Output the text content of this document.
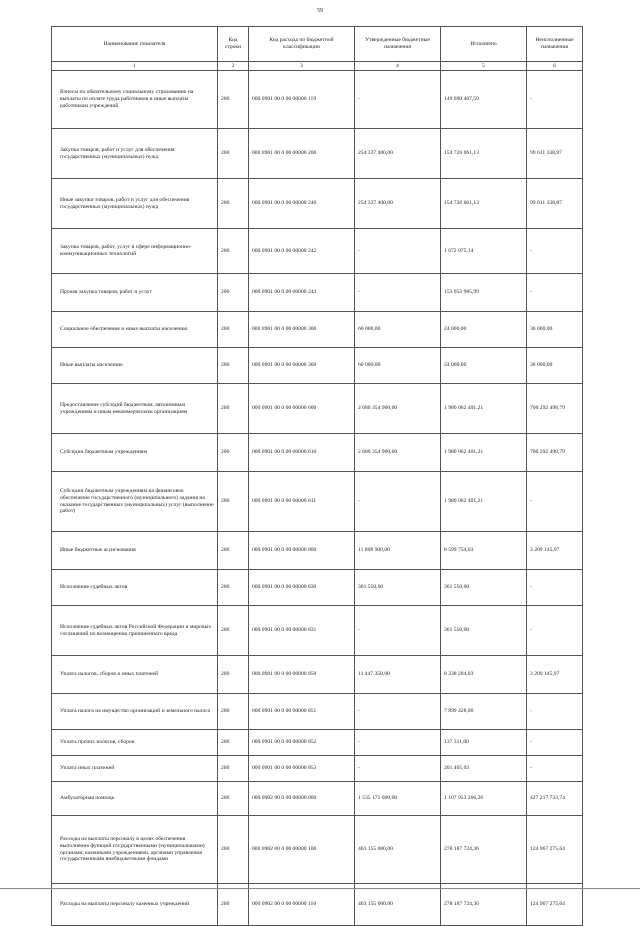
59
Наименование показателя	Код строки	Код расхода по бюджетной классификации	Утвержденные бюджетные назначения	Исполнено	Неисполненные назначения
1	2	3	4	5	6
Взносы по обязательному социальному страхованию на выплаты по оплате труда работников и иные выплаты работникам учреждений	200	000 0901 00 0 00 00000 119	-	149 690 407,59	-
Закупка товаров, работ и услуг для обеспечения государственных (муниципальных) нужд	200	000 0901 00 0 00 00000 200	254 337 400,00	154 726 061,13	99 611 338,87
Иные закупки товаров, работ и услуг для обеспечения государственных (муниципальных) нужд	200	000 0901 00 0 00 00000 240	254 337 400,00	154 726 061,13	99 611 338,87
Закупка товаров, работ, услуг в сфере информационно-коммуникационных технологий	200	000 0901 00 0 00 00000 242	-	1 672 075,14	-
Прочая закупка товаров, работ и услуг	200	000 0901 00 0 00 00000 244	-	153 053 985,99	-
Социальное обеспечение и иные выплаты населению	200	000 0901 00 0 00 00000 300	60 000,00	24 000,00	36 000,00
Иные выплаты населению	200	000 0901 00 0 00 00000 360	60 000,00	24 000,00	36 000,00
Предоставление субсидий бюджетным, автономным учреждениям и иным некоммерческим организациям	200	000 0901 00 0 00 00000 600	2 680 354 900,00	1 980 062 401,21	700 292 498,79
Субсидии бюджетным учреждениям	200	000 0901 00 0 00 00000 610	2 680 354 900,00	1 980 062 401,21	700 292 498,79
Субсидии бюджетным учреждениям на финансовое обеспечение государственного (муниципального) задания на оказание государственных (муниципальных) услуг (выполнение работ)	200	000 0901 00 0 00 00000 611	-	1 980 062 401,21	-
Иные бюджетные ассигнования	200	000 0901 00 0 00 00000 800	11 808 900,00	8 599 754,03	3 209 145,97
Исполнение судебных актов	200	000 0901 00 0 00 00000 830	361 550,00	361 550,00	-
Исполнение судебных актов Российской Федерации и мировых соглашений по возмещению причиненного вреда	200	000 0901 00 0 00 00000 831	-	361 550,00	-
Уплата налогов, сборов и иных платежей	200	000 0901 00 0 00 00000 850	11 447 350,00	8 238 204,03	3 209 145,97
Уплата налога на имущество организаций и земельного налога	200	000 0901 00 0 00 00000 851	-	7 899 428,00	-
Уплата прочих налогов, сборов	200	000 0901 00 0 00 00000 852	-	137 311,00	-
Уплата иных платежей	200	000 0901 00 0 00 00000 853	-	201 465,03	-
Амбулаторная помощь	200	000 0902 00 0 00 00000 000	1 535 171 000,00	1 107 953 266,26	427 217 733,74
Расходы на выплаты персоналу в целях обеспечения выполнения функций государственными (муниципальными) органами, казенными учреждениями, органами управления государственными внебюджетными фондами	200	000 0902 00 0 00 00000 100	403 155 000,00	278 187 724,36	124 967 275,64
Расходы на выплаты персоналу казенных учреждений	200	000 0902 00 0 00 00000 110	403 155 000,00	278 187 724,36	124 967 275,64
